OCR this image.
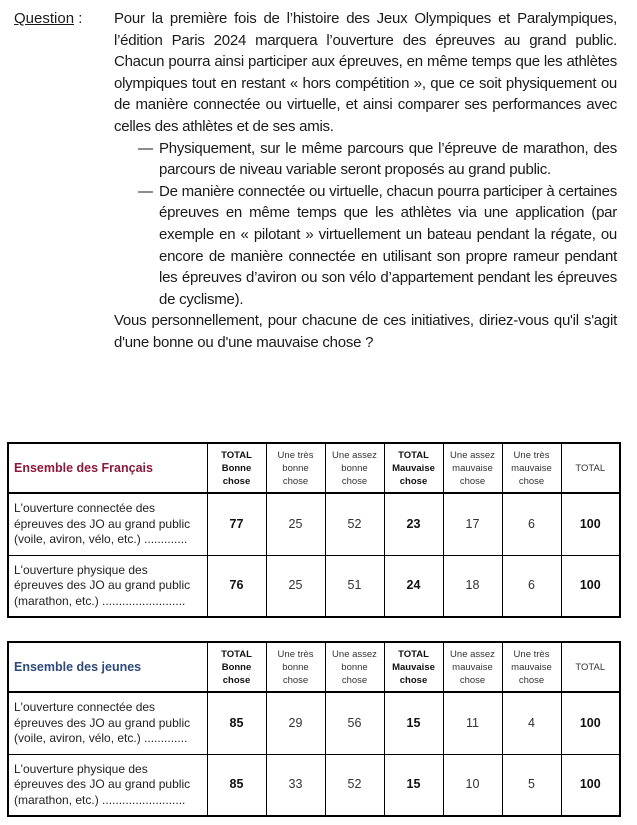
Question : Pour la première fois de l’histoire des Jeux Olympiques et Paralympiques, l’édition Paris 2024 marquera l’ouverture des épreuves au grand public. Chacun pourra ainsi participer aux épreuves, en même temps que les athlètes olympiques tout en restant « hors compétition », que ce soit physiquement ou de manière connectée ou virtuelle, et ainsi comparer ses performances avec celles des athlètes et de ses amis.

— Physiquement, sur le même parcours que l’épreuve de marathon, des parcours de niveau variable seront proposés au grand public.
— De manière connectée ou virtuelle, chacun pourra participer à certaines épreuves en même temps que les athlètes via une application (par exemple en « pilotant » virtuellement un bateau pendant la régate, ou encore de manière connectée en utilisant son propre rameur pendant les épreuves d’aviron ou son vélo d’appartement pendant les épreuves de cyclisme).

Vous personnellement, pour chacune de ces initiatives, diriez-vous qu'il s'agit d'une bonne ou d'une mauvaise chose ?

Ensemble des Français	TOTAL
Bonne
chose	Une très
bonne
chose	Une assez
bonne
chose	TOTAL
Mauvaise
chose	Une assez
mauvaise
chose	Une très
mauvaise
chose	TOTAL
L'ouverture connectée des
épreuves des JO au grand public
(voile, aviron, vélo, etc.) .............	77	25	52	23	17	6	100
L'ouverture physique des
épreuves des JO au grand public
(marathon, etc.) .........................	76	25	51	24	18	6	100
Ensemble des jeunes	TOTAL
Bonne
chose	Une très
bonne
chose	Une assez
bonne
chose	TOTAL
Mauvaise
chose	Une assez
mauvaise
chose	Une très
mauvaise
chose	TOTAL
L'ouverture connectée des
épreuves des JO au grand public
(voile, aviron, vélo, etc.) .............	85	29	56	15	11	4	100
L'ouverture physique des
épreuves des JO au grand public
(marathon, etc.) .........................	85	33	52	15	10	5	100
